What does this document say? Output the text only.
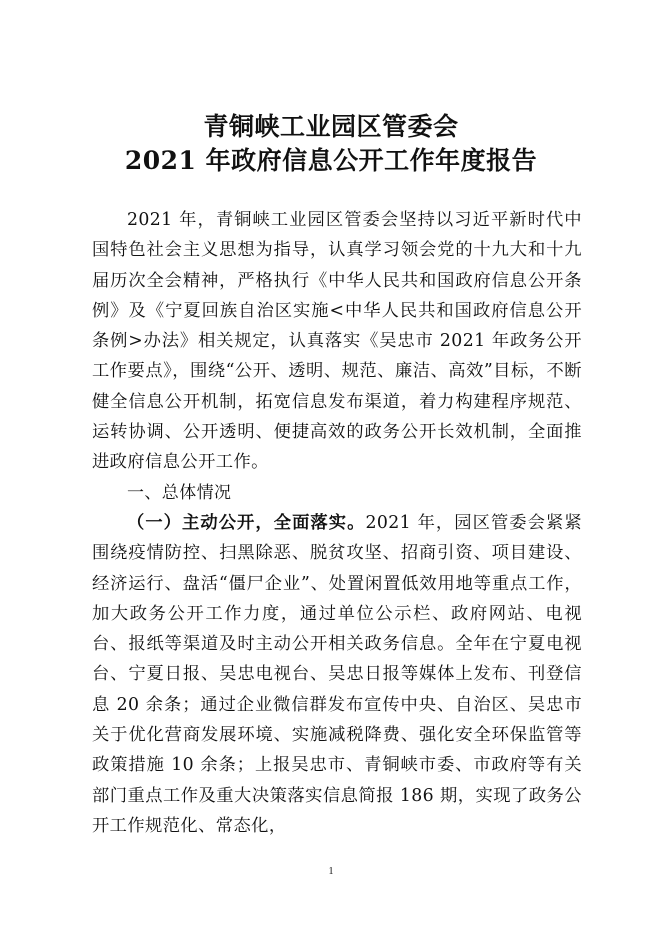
青铜峡工业园区管委会
2021 年政府信息公开工作年度报告

2021 年，青铜峡工业园区管委会坚持以习近平新时代中国特色社会主义思想为指导，认真学习领会党的十九大和十九届历次全会精神，严格执行《中华人民共和国政府信息公开条例》及《宁夏回族自治区实施<中华人民共和国政府信息公开条例>办法》相关规定，认真落实《吴忠市 2021 年政务公开工作要点》，围绕“公开、透明、规范、廉洁、高效”目标，不断健全信息公开机制，拓宽信息发布渠道，着力构建程序规范、运转协调、公开透明、便捷高效的政务公开长效机制，全面推进政府信息公开工作。

一、总体情况

（一）主动公开，全面落实。2021 年，园区管委会紧紧围绕疫情防控、扫黑除恶、脱贫攻坚、招商引资、项目建设、经济运行、盘活“僵尸企业”、处置闲置低效用地等重点工作，加大政务公开工作力度，通过单位公示栏、政府网站、电视台、报纸等渠道及时主动公开相关政务信息。全年在宁夏电视台、宁夏日报、吴忠电视台、吴忠日报等媒体上发布、刊登信息 20 余条；通过企业微信群发布宣传中央、自治区、吴忠市关于优化营商发展环境、实施减税降费、强化安全环保监管等政策措施 10 余条；上报吴忠市、青铜峡市委、市政府等有关部门重点工作及重大决策落实信息简报 186 期，实现了政务公开工作规范化、常态化，

1
